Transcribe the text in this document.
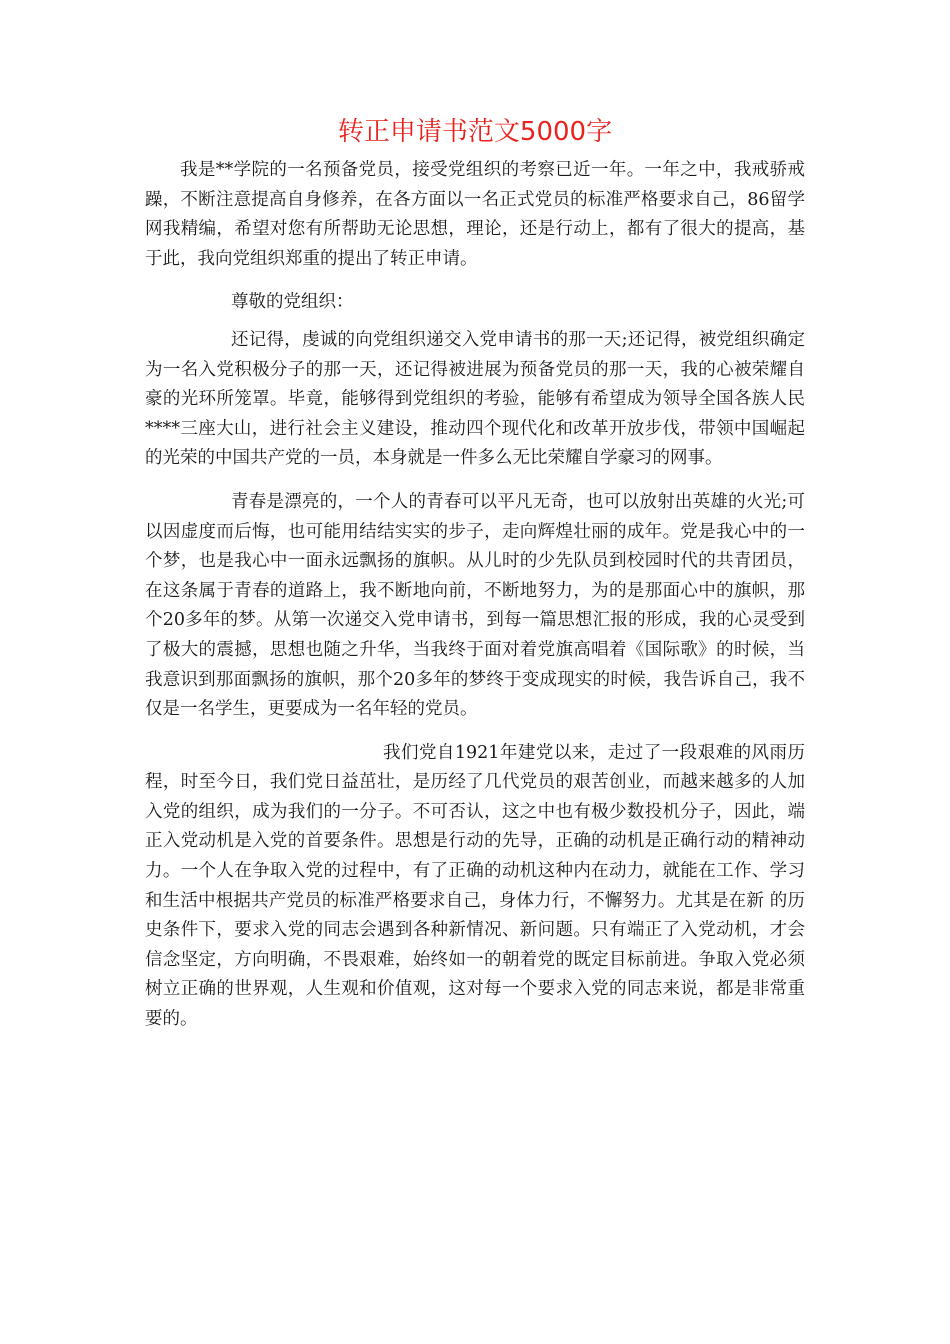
转正申请书范文5000字

我是**学院的一名预备党员，接受党组织的考察已近一年。一年之中，我戒骄戒躁，不断注意提高自身修养，在各方面以一名正式党员的标准严格要求自己，86留学网我精编，希望对您有所帮助无论思想，理论，还是行动上，都有了很大的提高，基于此，我向党组织郑重的提出了转正申请。

尊敬的党组织：

还记得，虔诚的向党组织递交入党申请书的那一天;还记得，被党组织确定为一名入党积极分子的那一天，还记得被进展为预备党员的那一天，我的心被荣耀自豪的光环所笼罩。毕竟，能够得到党组织的考验，能够有希望成为领导全国各族人民****三座大山，进行社会主义建设，推动四个现代化和改革开放步伐，带领中国崛起的光荣的中国共产党的一员，本身就是一件多么无比荣耀自学豪习的网事。

青春是漂亮的，一个人的青春可以平凡无奇，也可以放射出英雄的火光;可以因虚度而后悔，也可能用结结实实的步子，走向辉煌壮丽的成年。党是我心中的一个梦，也是我心中一面永远飘扬的旗帜。从儿时的少先队员到校园时代的共青团员，在这条属于青春的道路上，我不断地向前，不断地努力，为的是那面心中的旗帜，那个20多年的梦。从第一次递交入党申请书，到每一篇思想汇报的形成，我的心灵受到了极大的震撼，思想也随之升华，当我终于面对着党旗高唱着《国际歌》的时候，当我意识到那面飘扬的旗帜，那个20多年的梦终于变成现实的时候，我告诉自己，我不仅是一名学生，更要成为一名年轻的党员。

我们党自1921年建党以来，走过了一段艰难的风雨历程，时至今日，我们党日益茁壮，是历经了几代党员的艰苦创业，而越来越多的人加入党的组织，成为我们的一分子。不可否认，这之中也有极少数投机分子，因此，端正入党动机是入党的首要条件。思想是行动的先导，正确的动机是正确行动的精神动力。一个人在争取入党的过程中，有了正确的动机这种内在动力，就能在工作、学习和生活中根据共产党员的标准严格要求自己，身体力行，不懈努力。尤其是在新 的历史条件下，要求入党的同志会遇到各种新情况、新问题。只有端正了入党动机，才会信念坚定，方向明确，不畏艰难，始终如一的朝着党的既定目标前进。争取入党必须树立正确的世界观，人生观和价值观，这对每一个要求入党的同志来说，都是非常重要的。
